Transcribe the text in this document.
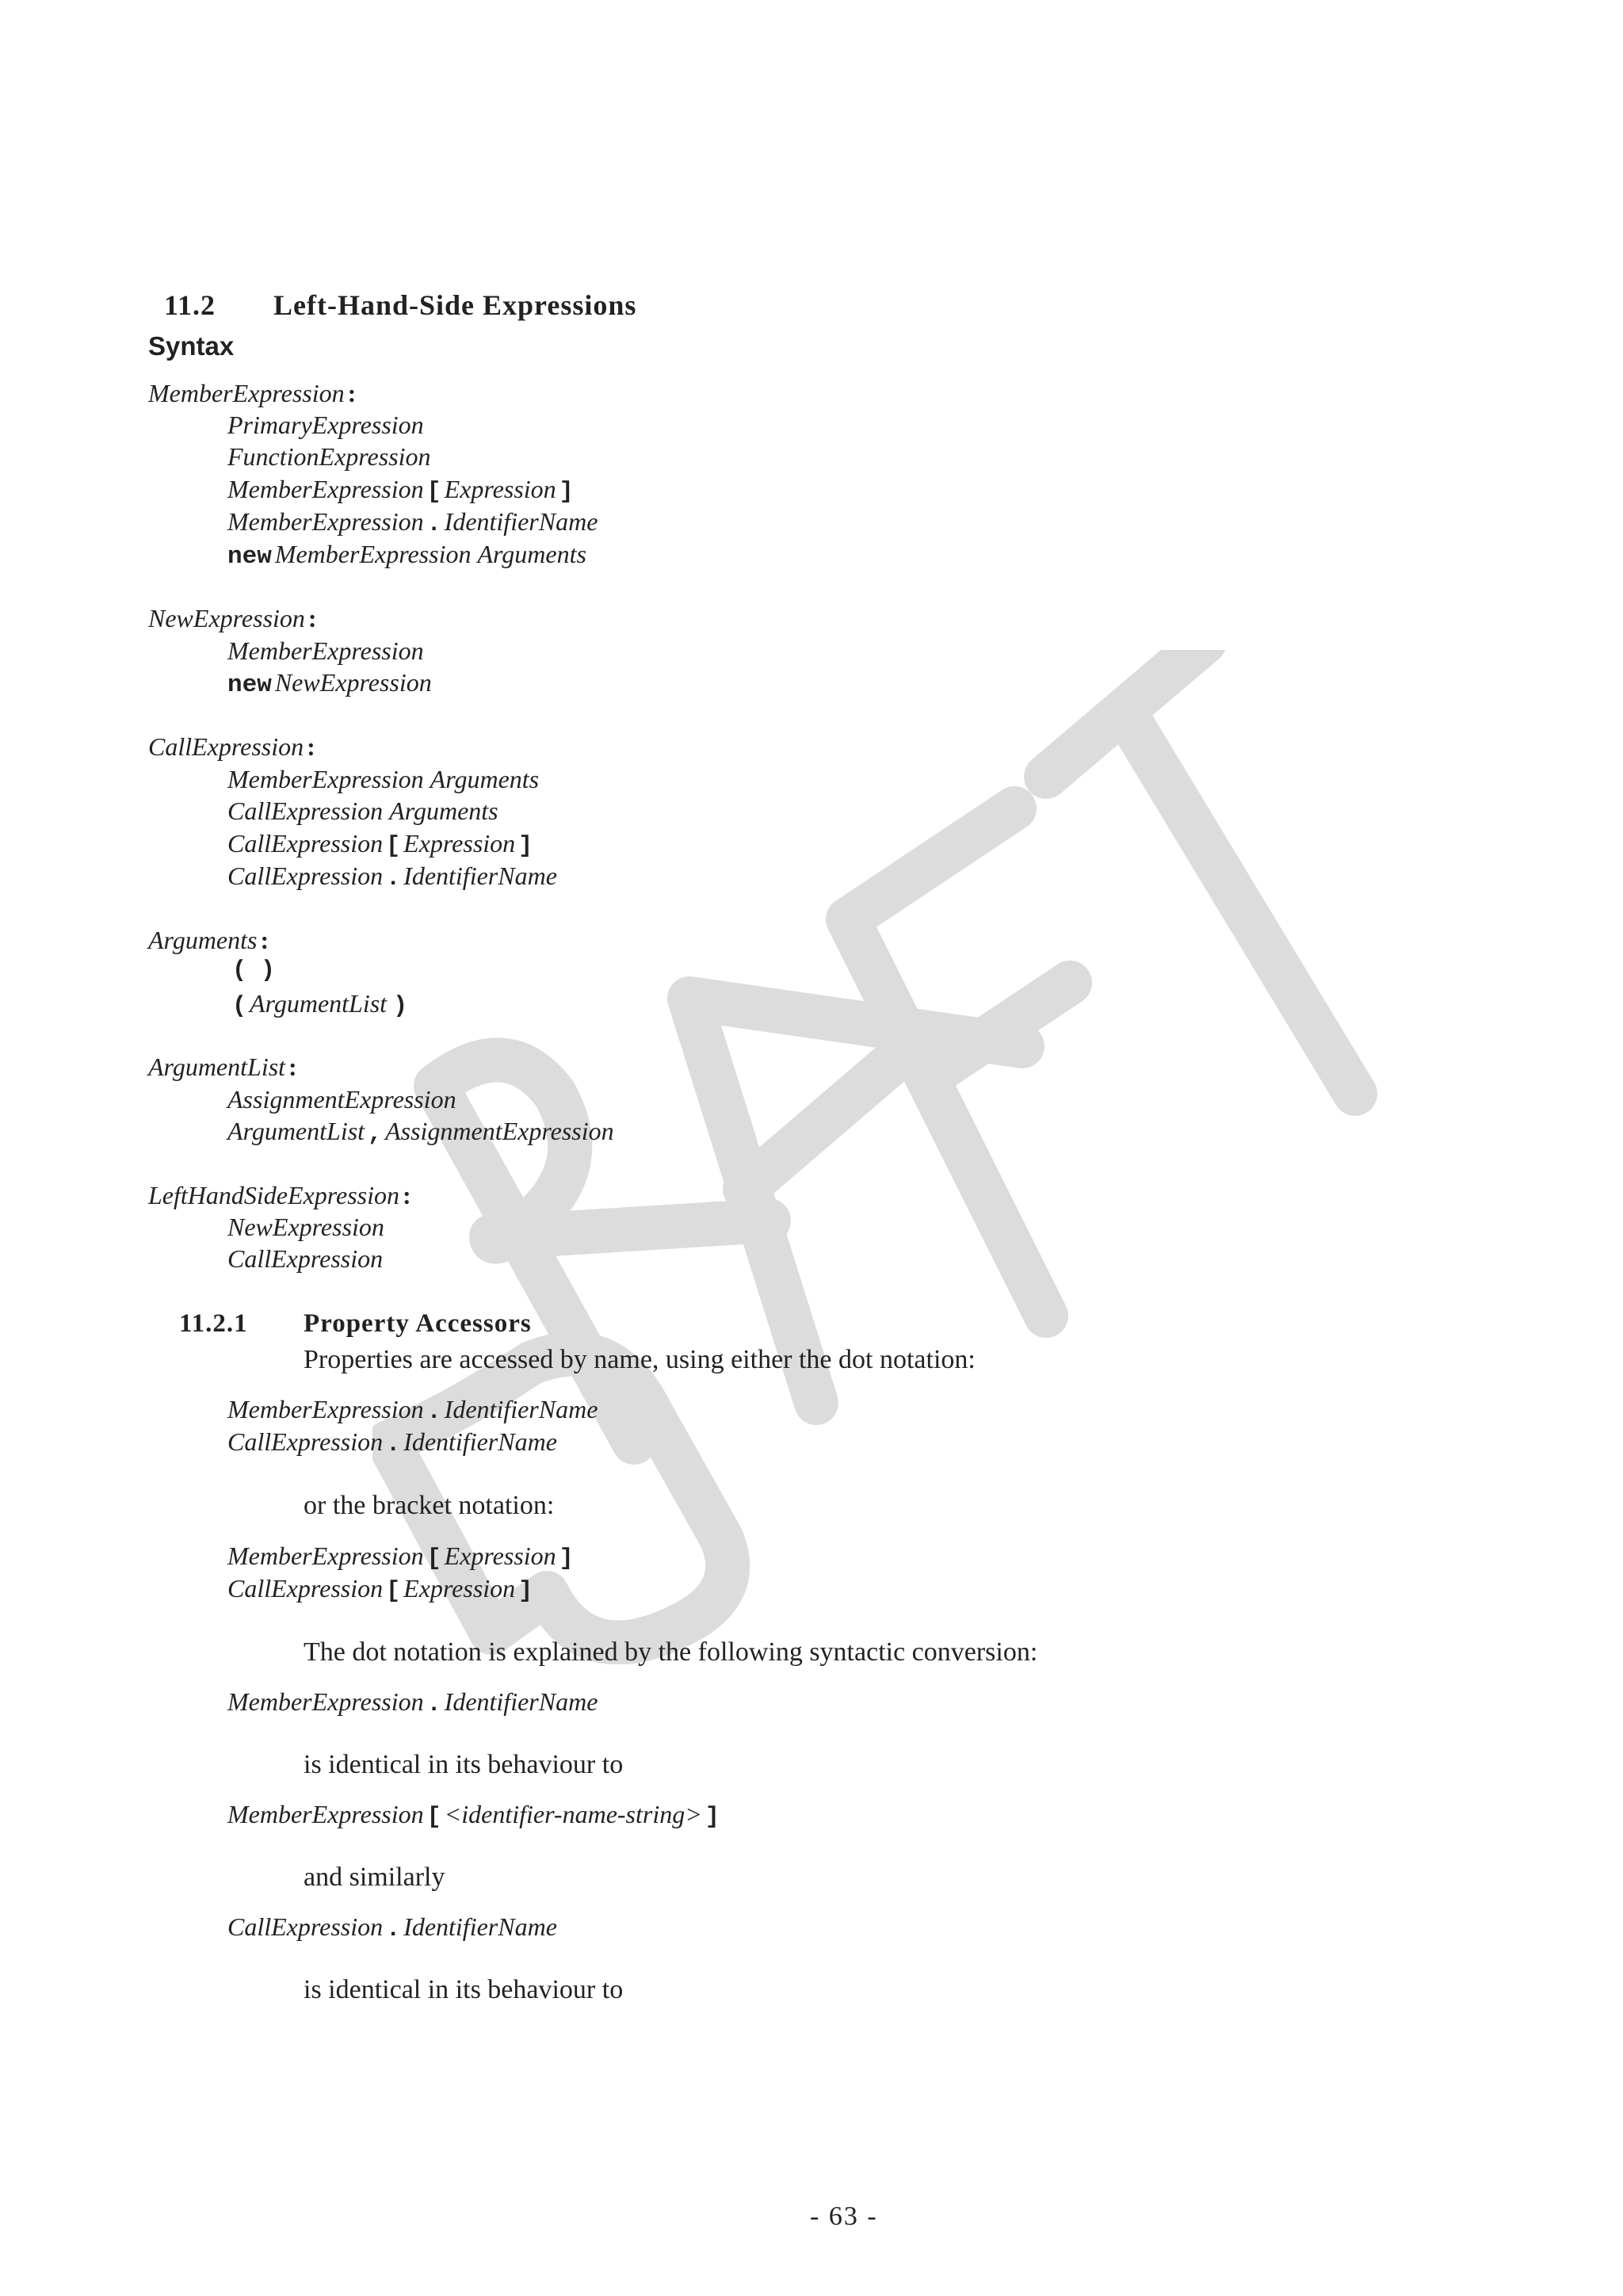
11.2 Left-Hand-Side Expressions
Syntax
MemberExpression :
PrimaryExpression
FunctionExpression
MemberExpression [ Expression ]
MemberExpression . IdentifierName
new MemberExpression Arguments
NewExpression :
MemberExpression
new NewExpression
CallExpression :
MemberExpression Arguments
CallExpression Arguments
CallExpression [ Expression ]
CallExpression . IdentifierName
Arguments :
( )
( ArgumentList )
ArgumentList :
AssignmentExpression
ArgumentList , AssignmentExpression
LeftHandSideExpression :
NewExpression
CallExpression
11.2.1 Property Accessors
Properties are accessed by name, using either the dot notation:
MemberExpression . IdentifierName
CallExpression . IdentifierName
or the bracket notation:
MemberExpression [ Expression ]
CallExpression [ Expression ]
The dot notation is explained by the following syntactic conversion:
MemberExpression . IdentifierName
is identical in its behaviour to
MemberExpression [ <identifier-name-string> ]
and similarly
CallExpression . IdentifierName
is identical in its behaviour to
- 63 -
